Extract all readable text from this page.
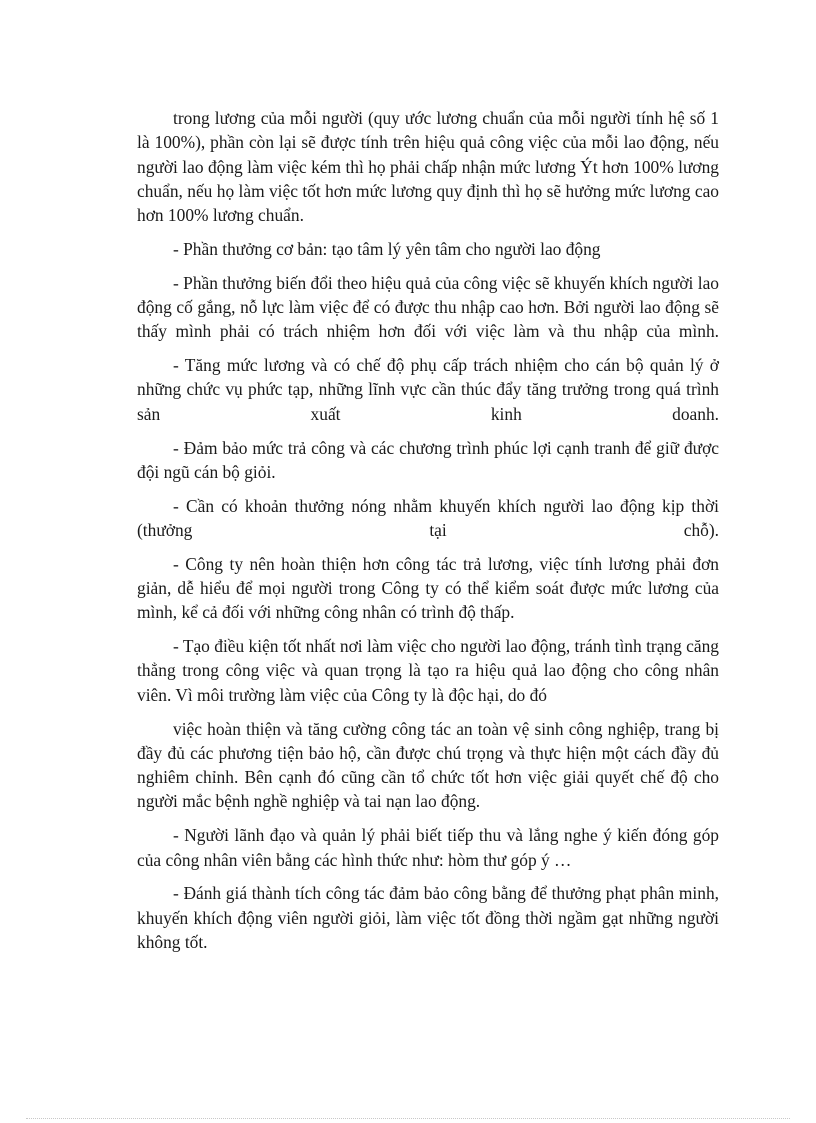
trong lương của mỗi người (quy ước lương chuẩn của mỗi người tính hệ số 1 là 100%), phần còn lại sẽ được tính trên hiệu quả công việc của mỗi lao động, nếu người lao động làm việc kém thì họ phải chấp nhận mức lương Ýt hơn 100% lương chuẩn, nếu họ làm việc tốt hơn mức lương quy định thì họ sẽ hưởng mức lương cao hơn 100% lương chuẩn.

- Phần thưởng cơ bản: tạo tâm lý yên tâm cho người lao động

- Phần thưởng biến đổi theo hiệu quả của công việc sẽ khuyến khích người lao động cố gắng, nỗ lực làm việc để có được thu nhập cao hơn. Bởi người lao động sẽ thấy mình phải có trách nhiệm hơn đối với việc làm và thu nhập của mình.

- Tăng mức lương và có chế độ phụ cấp trách nhiệm cho cán bộ quản lý ở những chức vụ phức tạp, những lĩnh vực cần thúc đẩy tăng trưởng trong quá trình sản xuất kinh doanh.

- Đảm bảo mức trả công và các chương trình phúc lợi cạnh tranh để giữ được đội ngũ cán bộ giỏi.

- Cần có khoản thưởng nóng nhằm khuyến khích người lao động kịp thời (thưởng tại chỗ).

- Công ty nên hoàn thiện hơn công tác trả lương, việc tính lương phải đơn giản, dễ hiểu để mọi người trong Công ty có thể kiểm soát được mức lương của mình, kể cả đối với những công nhân có trình độ thấp.

- Tạo điều kiện tốt nhất nơi làm việc cho người lao động, tránh tình trạng căng thẳng trong công việc và quan trọng là tạo ra hiệu quả lao động cho công nhân viên. Vì môi trường làm việc của Công ty là độc hại, do đó

việc hoàn thiện và tăng cường công tác an toàn vệ sinh công nghiệp, trang bị đầy đủ các phương tiện bảo hộ, cần được chú trọng và thực hiện một cách đầy đủ nghiêm chỉnh. Bên cạnh đó cũng cần tổ chức tốt hơn việc giải quyết chế độ cho người mắc bệnh nghề nghiệp và tai nạn lao động.

- Người lãnh đạo và quản lý phải biết tiếp thu và lắng nghe ý kiến đóng góp của công nhân viên bằng các hình thức như: hòm thư góp ý …

- Đánh giá thành tích công tác đảm bảo công bằng để thưởng phạt phân minh, khuyến khích động viên người giỏi, làm việc tốt đồng thời ngầm gạt những người không tốt.
